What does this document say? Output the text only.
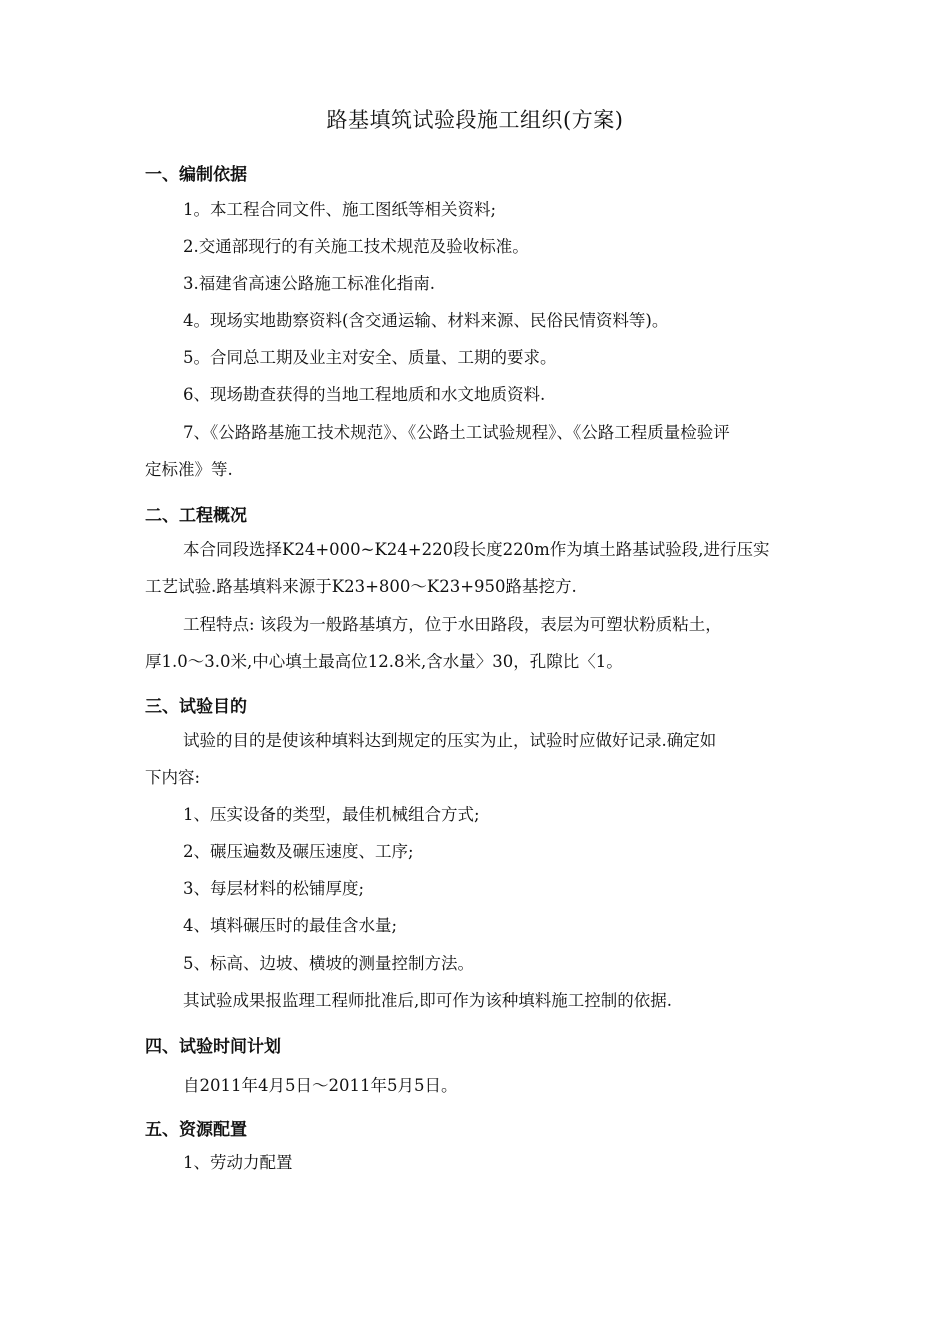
路基填筑试验段施工组织(方案)
一、编制依据
1。本工程合同文件、施工图纸等相关资料;
2.交通部现行的有关施工技术规范及验收标准。
3.福建省高速公路施工标准化指南.
4。现场实地勘察资料(含交通运输、材料来源、民俗民情资料等)。
5。合同总工期及业主对安全、质量、工期的要求。
6、现场勘查获得的当地工程地质和水文地质资料.
7、《公路路基施工技术规范》、《公路土工试验规程》、《公路工程质量检验评
定标准》等.
二、工程概况
本合同段选择K24+000~K24+220段长度220m作为填土路基试验段,进行压实
工艺试验.路基填料来源于K23+800～K23+950路基挖方.
工程特点: 该段为一般路基填方，位于水田路段，表层为可塑状粉质粘土，
厚1.0～3.0米,中心填土最高位12.8米,含水量〉30，孔隙比〈1。
三、试验目的
试验的目的是使该种填料达到规定的压实为止，试验时应做好记录.确定如
下内容:
1、压实设备的类型，最佳机械组合方式;
2、碾压遍数及碾压速度、工序;
3、每层材料的松铺厚度;
4、填料碾压时的最佳含水量;
5、标高、边坡、横坡的测量控制方法。
其试验成果报监理工程师批准后,即可作为该种填料施工控制的依据.
四、试验时间计划
自2011年4月5日～2011年5月5日。
五、资源配置
1、劳动力配置
